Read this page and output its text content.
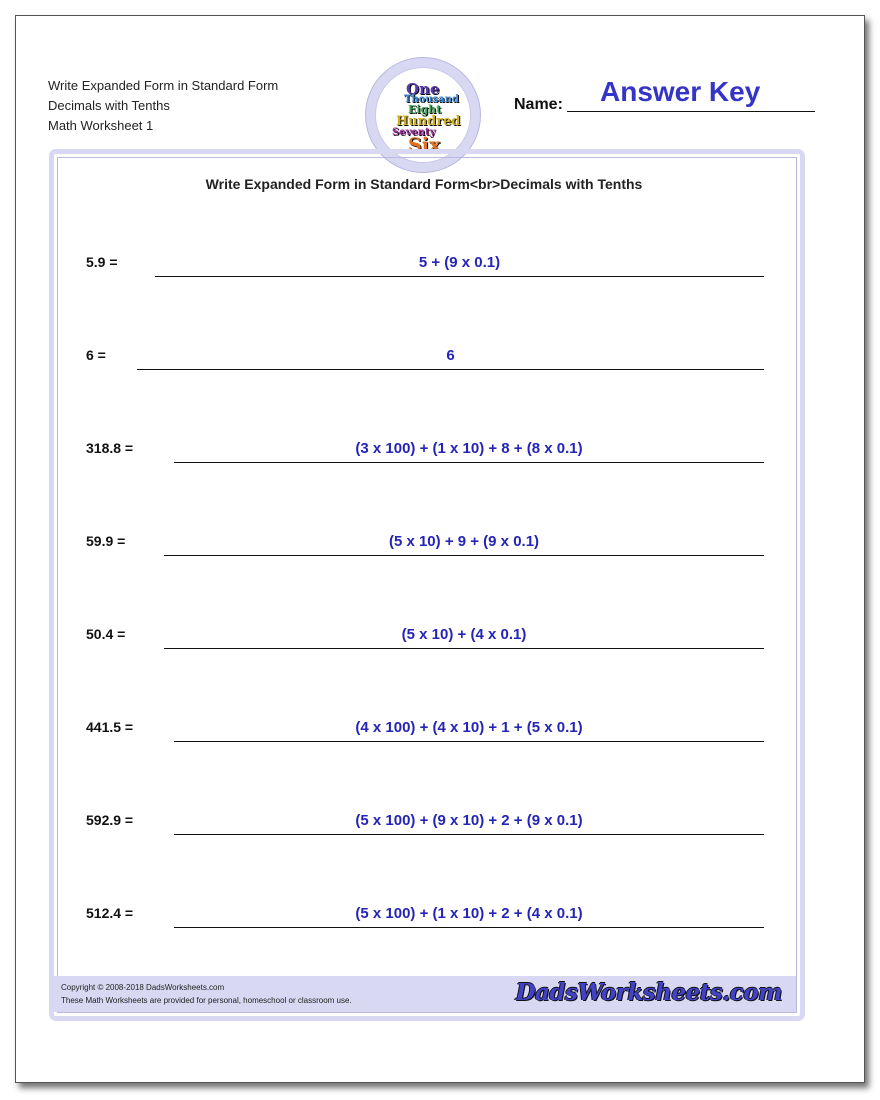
Write Expanded Form in Standard Form
Decimals with Tenths
Math Worksheet 1
One
Thousand
Eight
Hundred
Seventy
Six
Name: Answer Key
Write Expanded Form in Standard Form<br>Decimals with Tenths
5.9 =	5 + (9 x 0.1)
6 =	6
318.8 =	(3 x 100) + (1 x 10) + 8 + (8 x 0.1)
59.9 =	(5 x 10) + 9 + (9 x 0.1)
50.4 =	(5 x 10) + (4 x 0.1)
441.5 =	(4 x 100) + (4 x 10) + 1 + (5 x 0.1)
592.9 =	(5 x 100) + (9 x 10) + 2 + (9 x 0.1)
512.4 =	(5 x 100) + (1 x 10) + 2 + (4 x 0.1)
Copyright © 2008-2018 DadsWorksheets.com
These Math Worksheets are provided for personal, homeschool or classroom use.	DadsWorksheets.com
